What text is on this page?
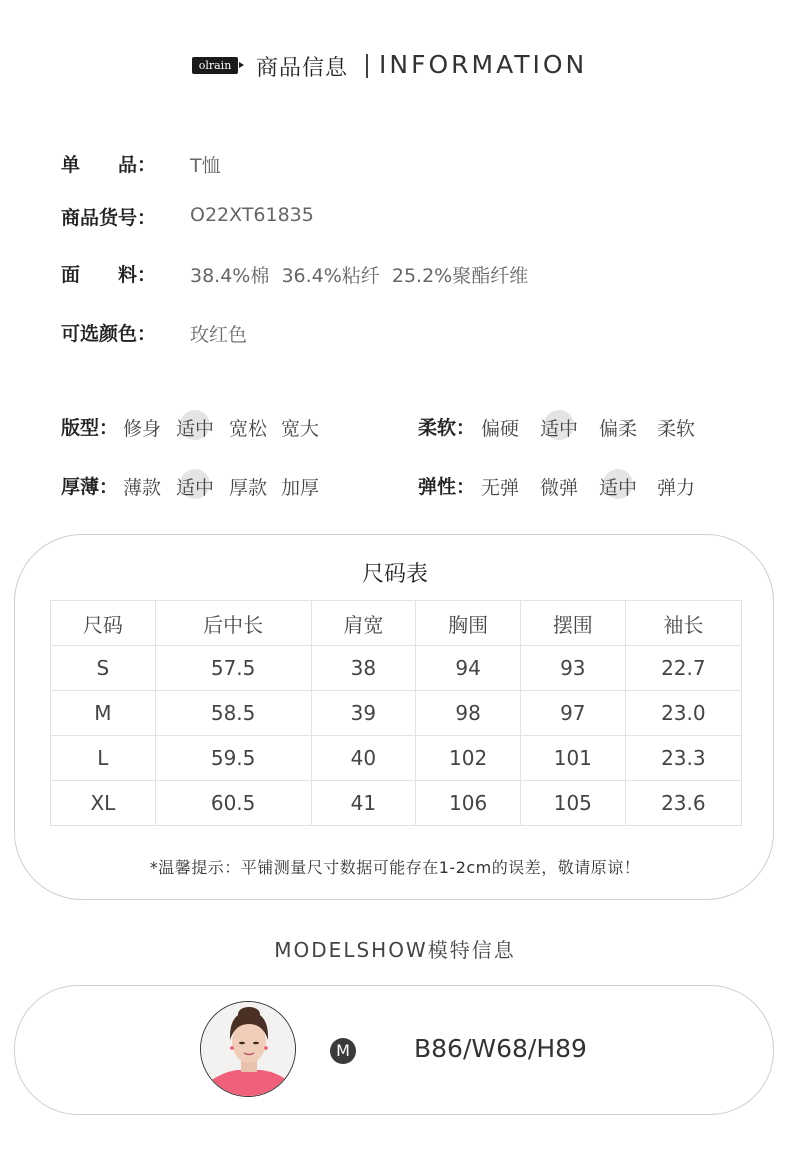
olrain	商品信息 INFORMATION
单　　品： T恤
商品货号： O22XT61835
面　　料： 38.4%棉  36.4%粘纤  25.2%聚酯纤维
可选颜色： 玫红色
版型： 修身 适中 宽松 宽大	柔软： 偏硬 适中 偏柔 柔软
厚薄： 薄款 适中 厚款 加厚	弹性： 无弹 微弹 适中 弹力
尺码表
尺码	后中长	肩宽	胸围	摆围	袖长
S	57.5	38	94	93	22.7
M	58.5	39	98	97	23.0
L	59.5	40	102	101	23.3
XL	60.5	41	106	105	23.6
*温馨提示：平铺测量尺寸数据可能存在1-2cm的误差，敬请原谅！
MODELSHOW模特信息
M	B86/W68/H89
